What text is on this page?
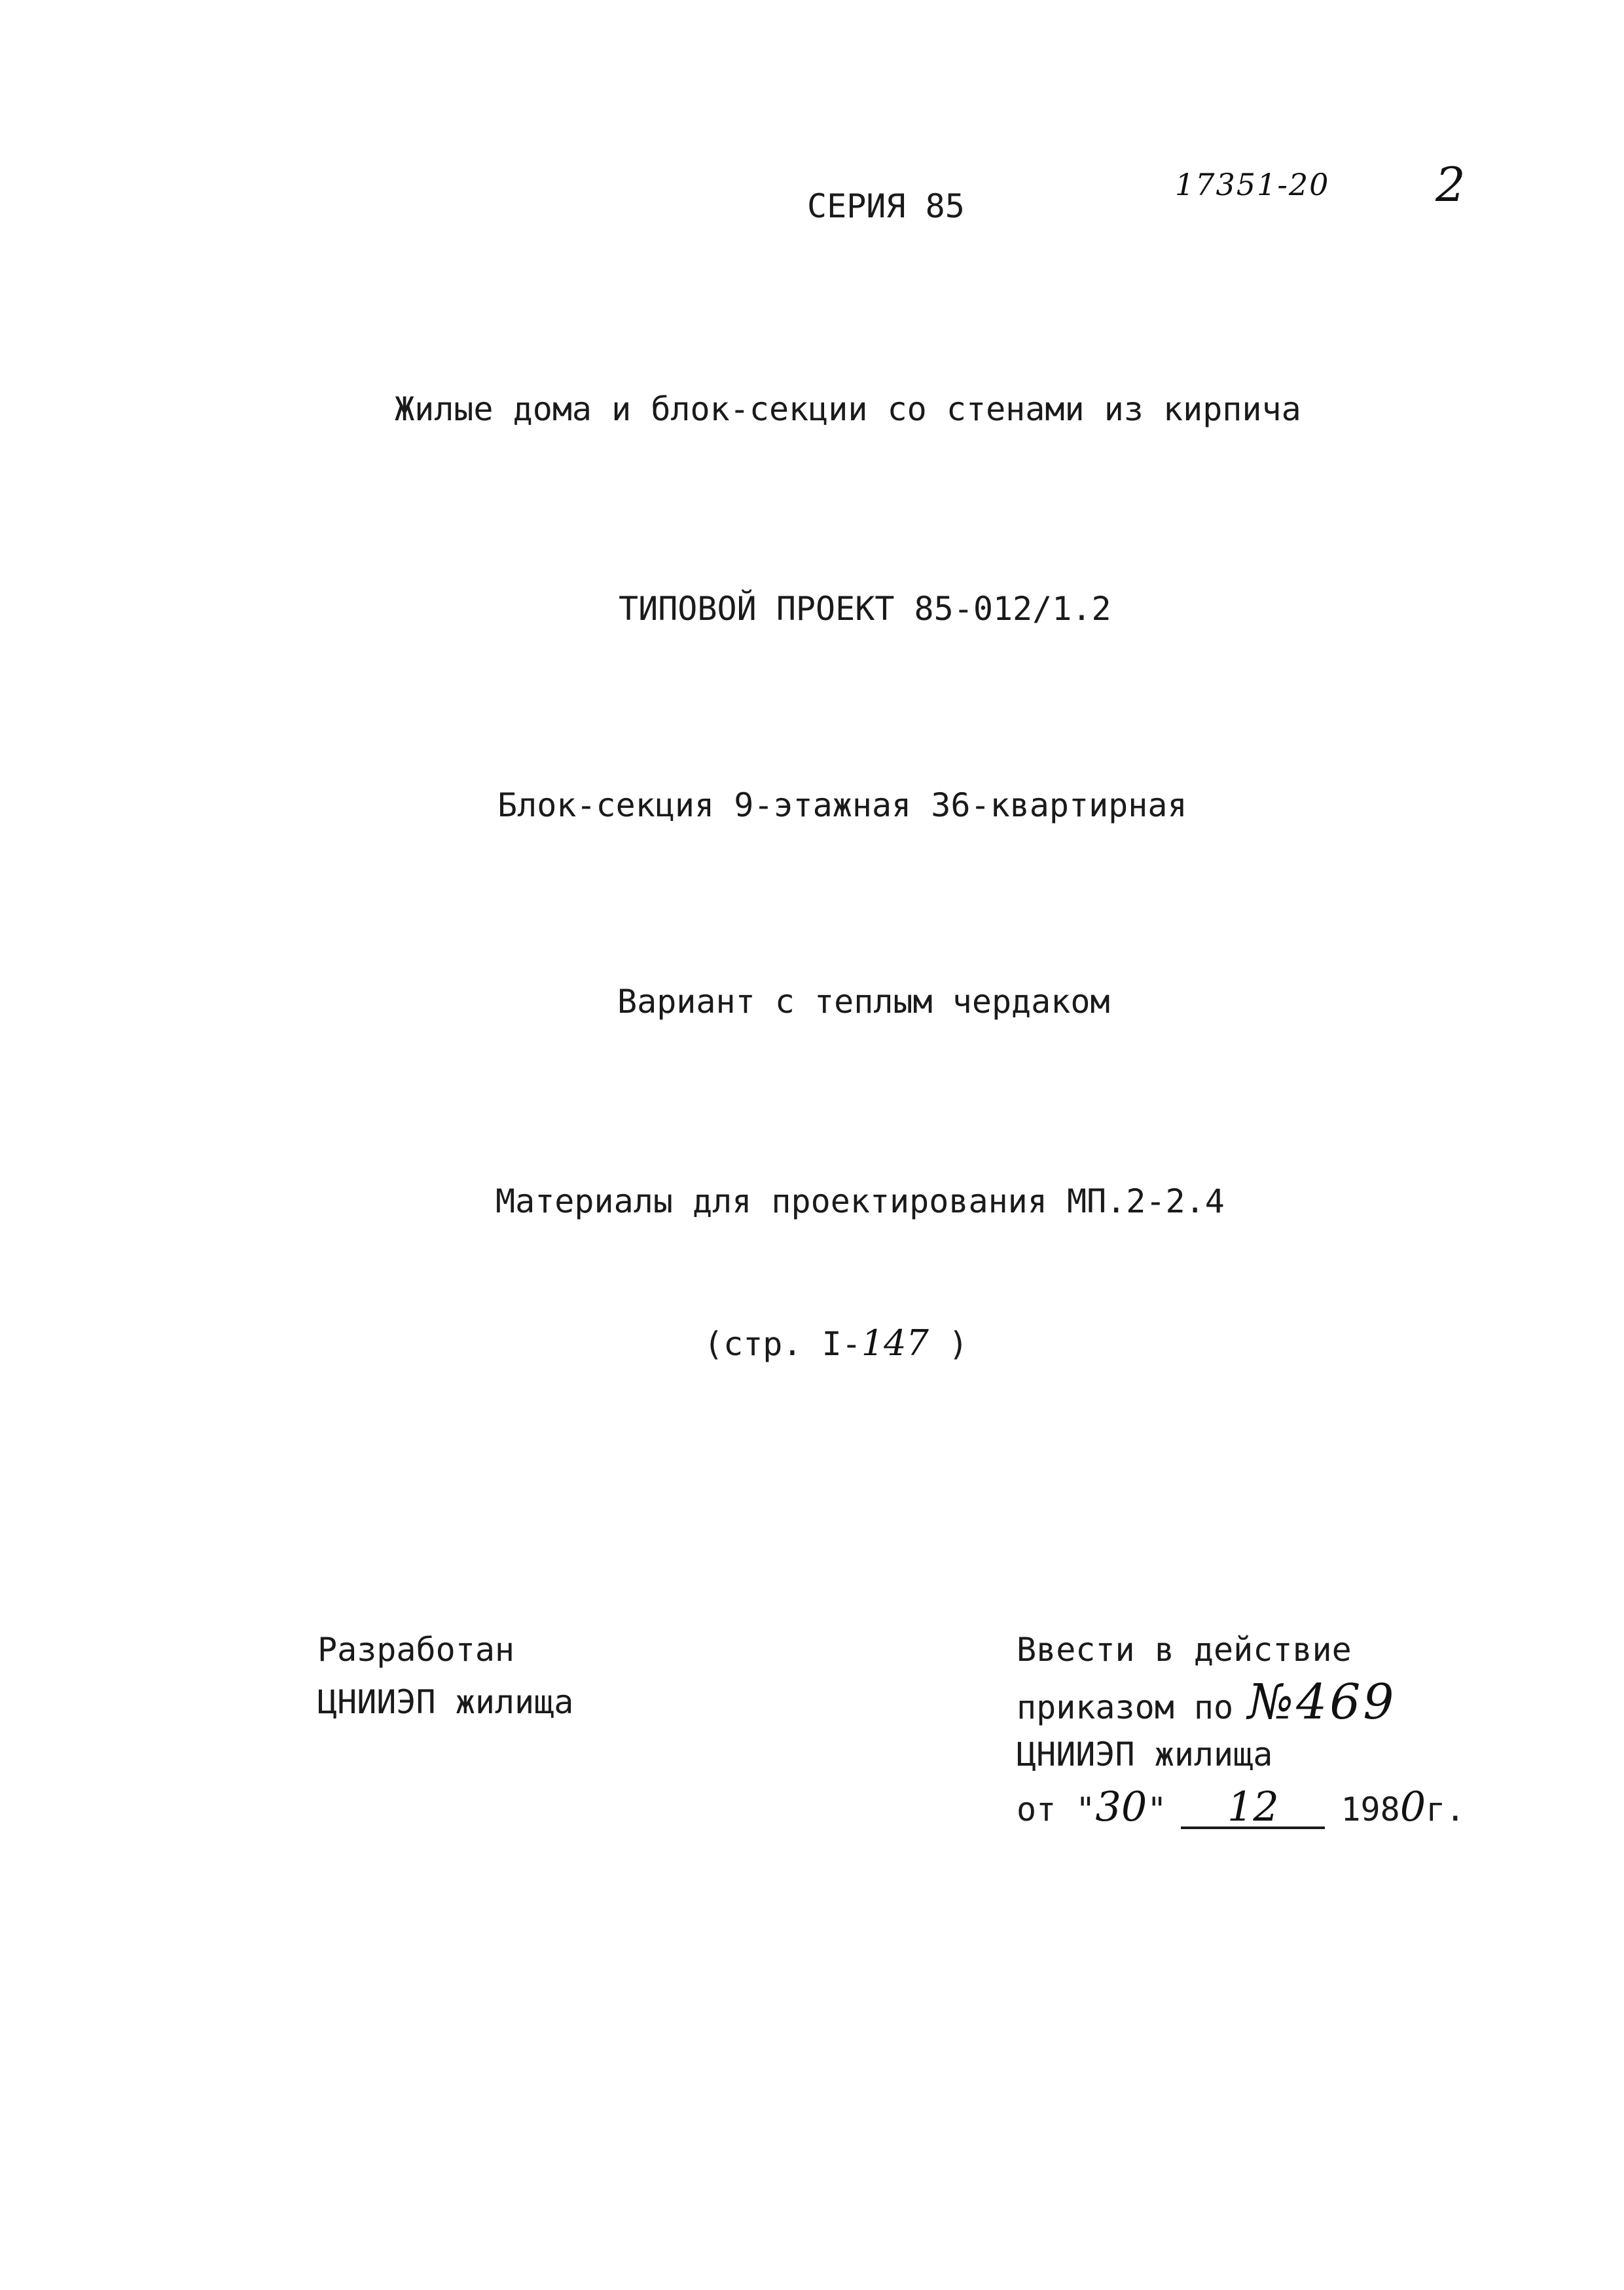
СЕРИЯ 85
17351-20 2
Жилые дома и блок-секции со стенами из кирпича
ТИПОВОЙ ПРОЕКТ 85-012/1.2
Блок-секция 9-этажная 36-квартирная
Вариант с теплым чердаком
Материалы для проектирования МП.2-2.4
(стр. I-147 )
Разработан
ЦНИИЭП жилища
Ввести в действие
приказом по №469
ЦНИИЭП жилища
от " 30 "	12	198 0 г.
